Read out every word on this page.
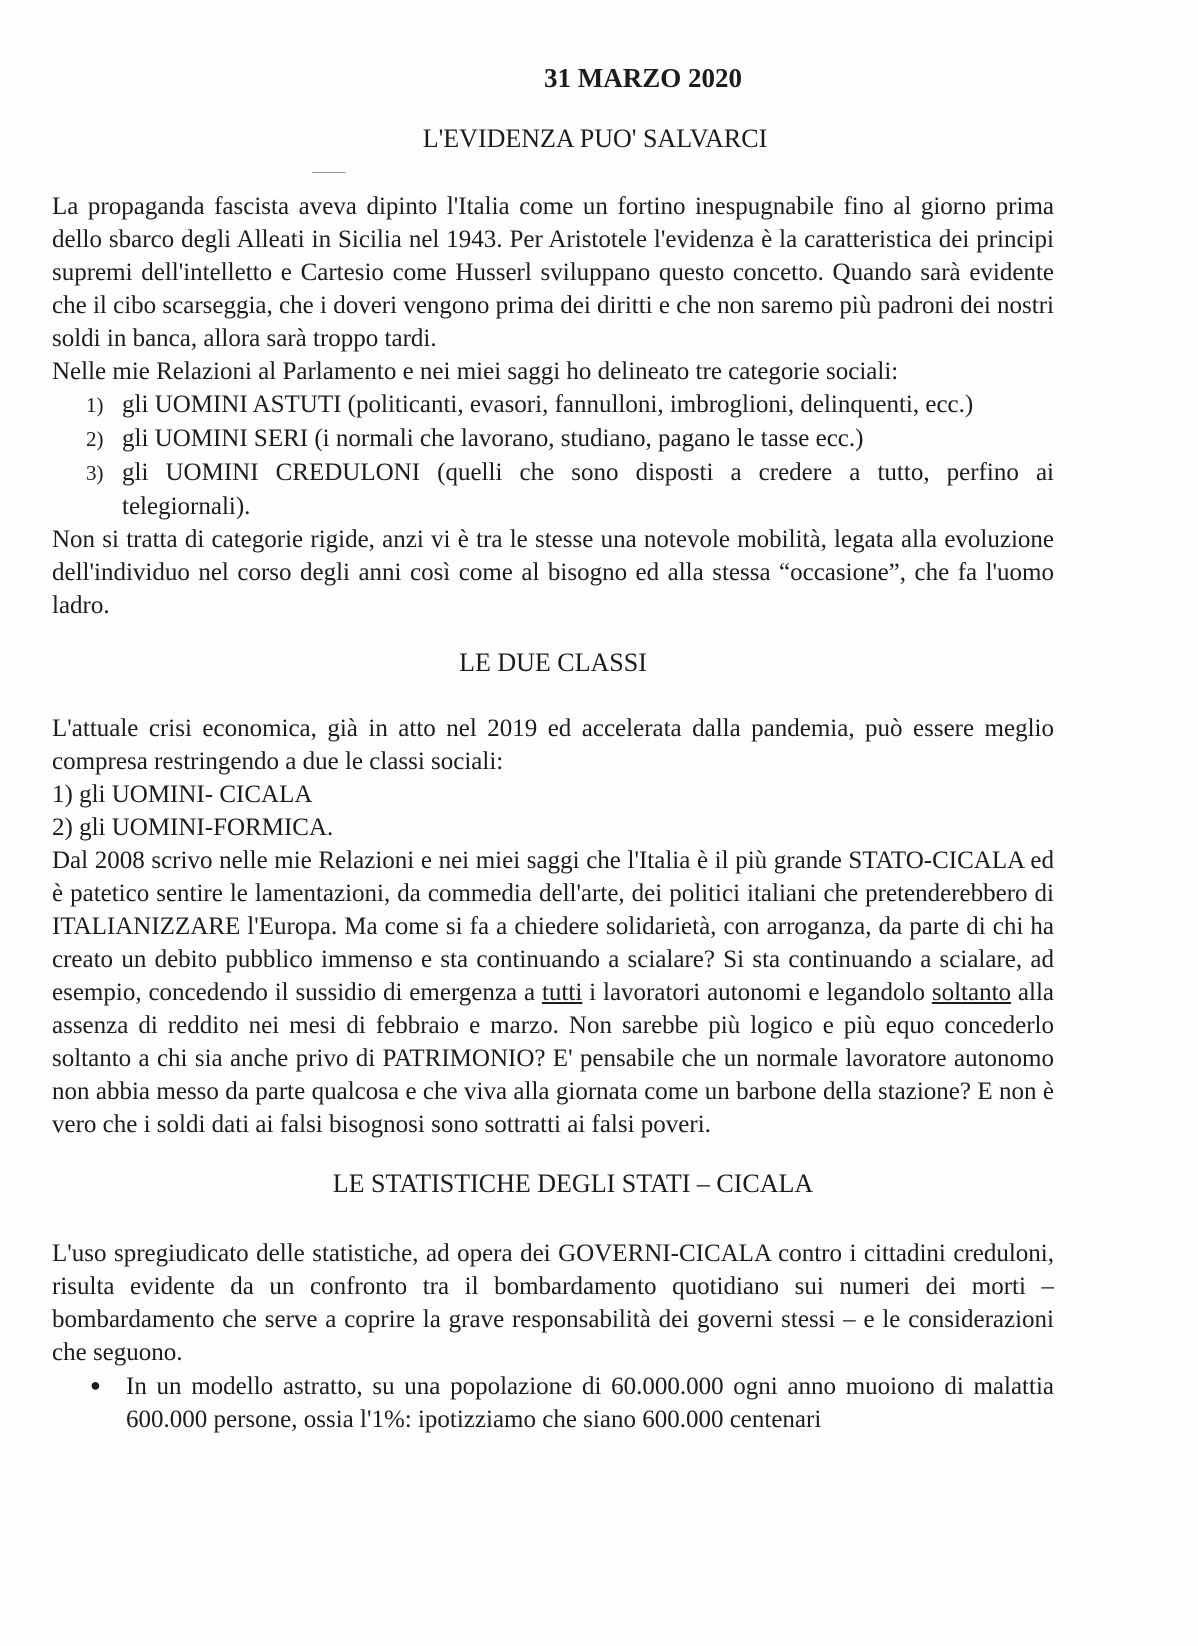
31 MARZO 2020
L'EVIDENZA PUO' SALVARCI

La propaganda fascista aveva dipinto l'Italia come un fortino inespugnabile fino al giorno prima dello sbarco degli Alleati in Sicilia nel 1943. Per Aristotele l'evidenza è la caratteristica dei principi supremi dell'intelletto e Cartesio come Husserl sviluppano questo concetto. Quando sarà evidente che il cibo scarseggia, che i doveri vengono prima dei diritti e che non saremo più padroni dei nostri soldi in banca, allora sarà troppo tardi.

Nelle mie Relazioni al Parlamento e nei miei saggi ho delineato tre categorie sociali:

1) gli UOMINI ASTUTI (politicanti, evasori, fannulloni, imbroglioni, delinquenti, ecc.)
2) gli UOMINI SERI (i normali che lavorano, studiano, pagano le tasse ecc.)
3) gli UOMINI CREDULONI (quelli che sono disposti a credere a tutto, perfino ai telegiornali).

Non si tratta di categorie rigide, anzi vi è tra le stesse una notevole mobilità, legata alla evoluzione dell'individuo nel corso degli anni così come al bisogno ed alla stessa “occasione”, che fa l'uomo ladro.

LE DUE CLASSI

L'attuale crisi economica, già in atto nel 2019 ed accelerata dalla pandemia, può essere meglio compresa restringendo a due le classi sociali:

1) gli UOMINI- CICALA
2) gli UOMINI-FORMICA.

Dal 2008 scrivo nelle mie Relazioni e nei miei saggi che l'Italia è il più grande STATO-CICALA ed è patetico sentire le lamentazioni, da commedia dell'arte, dei politici italiani che pretenderebbero di ITALIANIZZARE l'Europa. Ma come si fa a chiedere solidarietà, con arroganza, da parte di chi ha creato un debito pubblico immenso e sta continuando a scialare? Si sta continuando a scialare, ad esempio, concedendo il sussidio di emergenza a tutti i lavoratori autonomi e legandolo soltanto alla assenza di reddito nei mesi di febbraio e marzo. Non sarebbe più logico e più equo concederlo soltanto a chi sia anche privo di PATRIMONIO? E' pensabile che un normale lavoratore autonomo non abbia messo da parte qualcosa e che viva alla giornata come un barbone della stazione? E non è vero che i soldi dati ai falsi bisognosi sono sottratti ai falsi poveri.

LE STATISTICHE DEGLI STATI – CICALA

L'uso spregiudicato delle statistiche, ad opera dei GOVERNI-CICALA contro i cittadini creduloni, risulta evidente da un confronto tra il bombardamento quotidiano sui numeri dei morti – bombardamento che serve a coprire la grave responsabilità dei governi stessi – e le considerazioni che seguono.

● In un modello astratto, su una popolazione di 60.000.000 ogni anno muoiono di malattia 600.000 persone, ossia l'1%: ipotizziamo che siano 600.000 centenari
